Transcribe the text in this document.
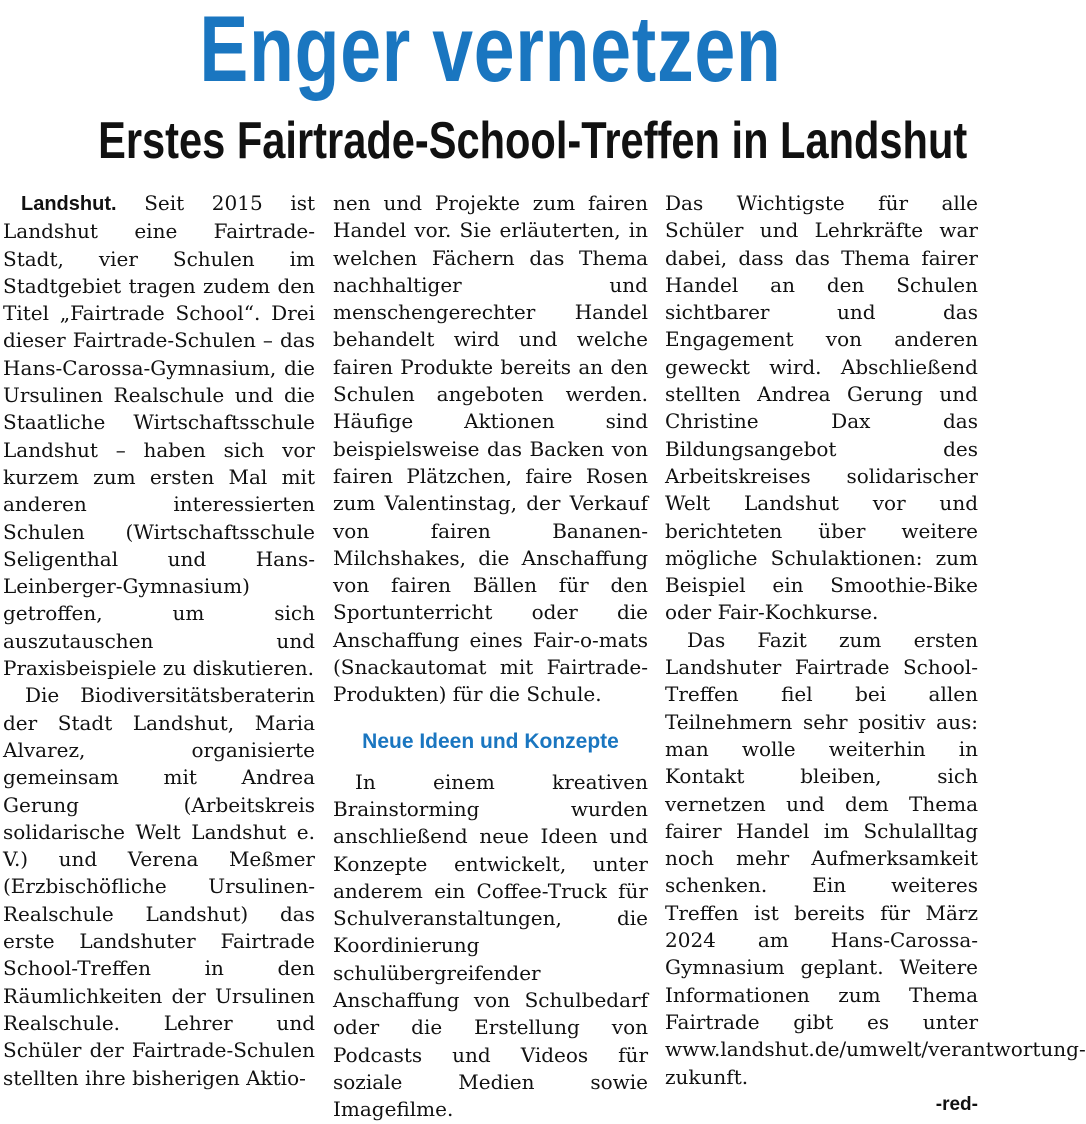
Enger vernetzen
Erstes Fairtrade-School-Treffen in Landshut

Landshut. Seit 2015 ist Landshut eine Fairtrade-Stadt, vier Schulen im Stadtgebiet tragen zudem den Titel „Fairtrade School“. Drei dieser Fairtrade-Schulen – das Hans-Carossa-Gymnasium, die Ursulinen Realschule und die Staatliche Wirtschaftsschule Landshut – haben sich vor kurzem zum ersten Mal mit anderen interessierten Schulen (Wirtschaftsschule Seligenthal und Hans-Leinberger-Gymnasium) getroffen, um sich auszutauschen und Praxisbeispiele zu diskutieren.

Die Biodiversitätsberaterin der Stadt Landshut, Maria Alvarez, organisierte gemeinsam mit Andrea Gerung (Arbeitskreis solidarische Welt Landshut e. V.) und Verena Meßmer (Erzbischöfliche Ursulinen-Realschule Landshut) das erste Landshuter Fairtrade School-Treffen in den Räumlichkeiten der Ursulinen Realschule. Lehrer und Schüler der Fairtrade-Schulen stellten ihre bisherigen Aktio-

nen und Projekte zum fairen Handel vor. Sie erläuterten, in welchen Fächern das Thema nachhaltiger und menschengerechter Handel behandelt wird und welche fairen Produkte bereits an den Schulen angeboten werden. Häufige Aktionen sind beispielsweise das Backen von fairen Plätzchen, faire Rosen zum Valentinstag, der Verkauf von fairen Bananen-Milchshakes, die Anschaffung von fairen Bällen für den Sportunterricht oder die Anschaffung eines Fair-o-mats (Snackautomat mit Fairtrade-Produkten) für die Schule.

Neue Ideen und Konzepte

In einem kreativen Brainstorming wurden anschließend neue Ideen und Konzepte entwickelt, unter anderem ein Coffee-Truck für Schulveranstaltungen, die Koordinierung schulübergreifender Anschaffung von Schulbedarf oder die Erstellung von Podcasts und Videos für soziale Medien sowie Imagefilme.

Das Wichtigste für alle Schüler und Lehrkräfte war dabei, dass das Thema fairer Handel an den Schulen sichtbarer und das Engagement von anderen geweckt wird. Abschließend stellten Andrea Gerung und Christine Dax das Bildungsangebot des Arbeitskreises solidarischer Welt Landshut vor und berichteten über weitere mögliche Schulaktionen: zum Beispiel ein Smoothie-Bike oder Fair-Kochkurse.

Das Fazit zum ersten Landshuter Fairtrade School-Treffen fiel bei allen Teilnehmern sehr positiv aus: man wolle weiterhin in Kontakt bleiben, sich vernetzen und dem Thema fairer Handel im Schulalltag noch mehr Aufmerksamkeit schenken. Ein weiteres Treffen ist bereits für März 2024 am Hans-Carossa-Gymnasium geplant. Weitere Informationen zum Thema Fairtrade gibt es unter www.landshut.de/umwelt/verantwortung-zukunft.

-red-
